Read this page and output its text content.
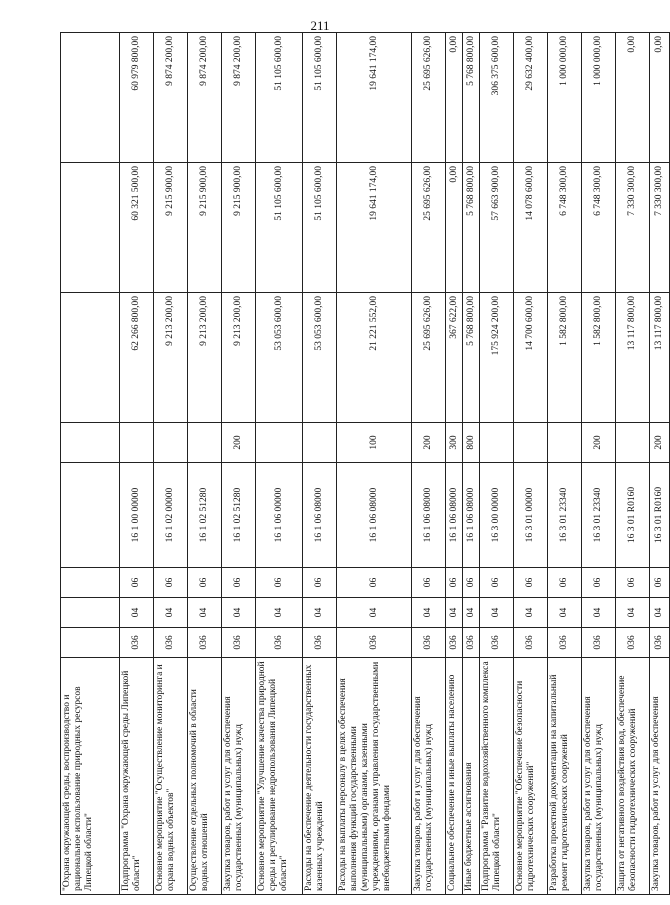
211
"Охрана окружающей среды, воспроизводство и рациональное использование природных ресурсов Липецкой области"								
Подпрограмма "Охрана окружающей среды Липецкой области"	036	04	06	16 1 00 00000		62 266 800,00	60 321 500,00	60 979 800,00
Основное мероприятие "Осуществление мониторинга и охрана водных объектов"	036	04	06	16 1 02 00000		9 213 200,00	9 215 900,00	9 874 200,00
Осуществление отдельных полномочий в области водных отношений	036	04	06	16 1 02 51280		9 213 200,00	9 215 900,00	9 874 200,00
Закупка товаров, работ и услуг для обеспечения государственных (муниципальных) нужд	036	04	06	16 1 02 51280	200	9 213 200,00	9 215 900,00	9 874 200,00
Основное мероприятие "Улучшение качества природной среды и регулирование недропользования Липецкой области"	036	04	06	16 1 06 00000		53 053 600,00	51 105 600,00	51 105 600,00
Расходы на обеспечение деятельности государственных казенных учреждений	036	04	06	16 1 06 08000		53 053 600,00	51 105 600,00	51 105 600,00
Расходы на выплаты персоналу в целях обеспечения выполнения функций государственными (муниципальными) органами, казенными учреждениями, органами управления государственными внебюджетными фондами	036	04	06	16 1 06 08000	100	21 221 552,00	19 641 174,00	19 641 174,00
Закупка товаров, работ и услуг для обеспечения государственных (муниципальных) нужд	036	04	06	16 1 06 08000	200	25 695 626,00	25 695 626,00	25 695 626,00
Социальное обеспечение и иные выплаты населению	036	04	06	16 1 06 08000	300	367 622,00	0,00	0,00
Иные бюджетные ассигнования	036	04	06	16 1 06 08000	800	5 768 800,00	5 768 800,00	5 768 800,00
Подпрограмма "Развитие водохозяйственного комплекса Липецкой области"	036	04	06	16 3 00 00000		175 924 200,00	57 663 900,00	306 375 600,00
Основное мероприятие "Обеспечение безопасности гидротехнических сооружений"	036	04	06	16 3 01 00000		14 700 600,00	14 078 600,00	29 632 400,00
Разработка проектной документации на капитальный ремонт гидротехнических сооружений	036	04	06	16 3 01 23340		1 582 800,00	6 748 300,00	1 000 000,00
Закупка товаров, работ и услуг для обеспечения государственных (муниципальных) нужд	036	04	06	16 3 01 23340	200	1 582 800,00	6 748 300,00	1 000 000,00
Защита от негативного воздействия вод, обеспечение безопасности гидротехнических сооружений	036	04	06	16 3 01 R0160		13 117 800,00	7 330 300,00	0,00
Закупка товаров, работ и услуг для обеспечения	036	04	06	16 3 01 R0160	200	13 117 800,00	7 330 300,00	0,00
